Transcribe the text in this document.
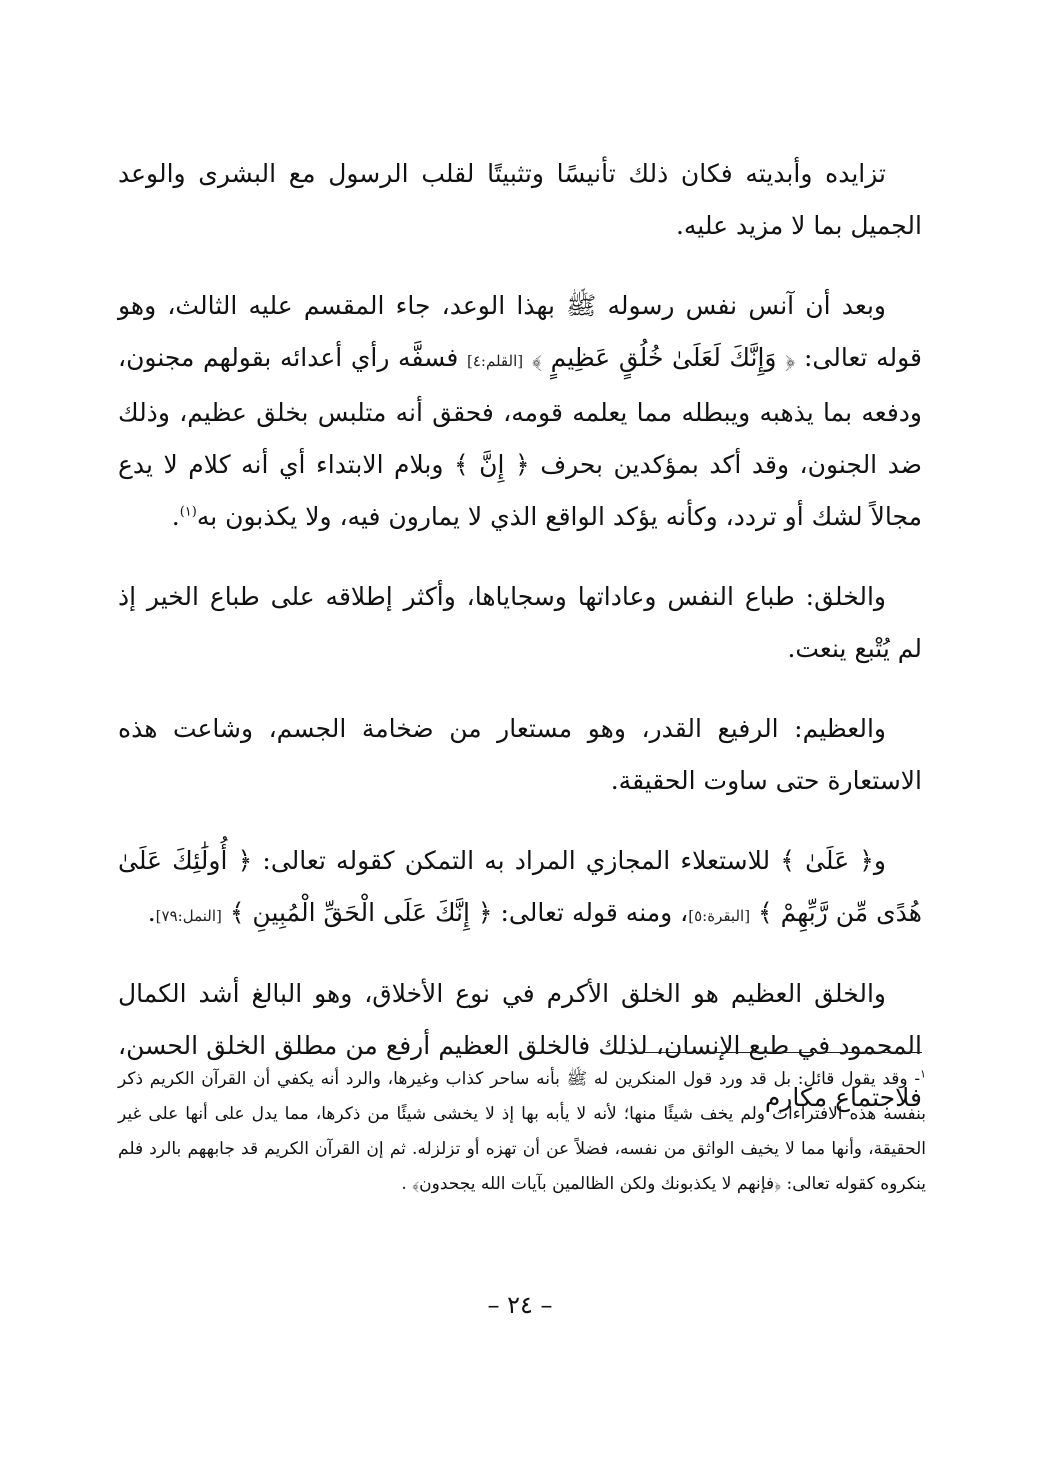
تزايده وأبديته فكان ذلك تأنيسًا وتثبيتًا لقلب الرسول مع البشرى والوعد الجميل بما لا مزيد عليه.

وبعد أن آنس نفس رسوله ﷺ بهذا الوعد، جاء المقسم عليه الثالث، وهو قوله تعالى: ﴿ وَإِنَّكَ لَعَلَىٰ خُلُقٍ عَظِيمٍ ﴾ [القلم:٤] فسفَّه رأي أعدائه بقولهم مجنون، ودفعه بما يذهبه ويبطله مما يعلمه قومه، فحقق أنه متلبس بخلق عظيم، وذلك ضد الجنون، وقد أكد بمؤكدين بحرف ﴿ إِنَّ ﴾ وبلام الابتداء أي أنه كلام لا يدع مجالاً لشك أو تردد، وكأنه يؤكد الواقع الذي لا يمارون فيه، ولا يكذبون به$^{(١)}$.

والخلق: طباع النفس وعاداتها وسجاياها، وأكثر إطلاقه على طباع الخير إذ لم يُتْبع ينعت.

والعظيم: الرفيع القدر، وهو مستعار من ضخامة الجسم، وشاعت هذه الاستعارة حتى ساوت الحقيقة.

و﴿ عَلَىٰ ﴾ للاستعلاء المجازي المراد به التمكن كقوله تعالى: ﴿ أُولَٰئِكَ عَلَىٰ هُدًى مِّن رَّبِّهِمْ ﴾ [البقرة:٥]، ومنه قوله تعالى: ﴿ إِنَّكَ عَلَى الْحَقِّ الْمُبِينِ ﴾ [النمل:٧٩].

والخلق العظيم هو الخلق الأكرم في نوع الأخلاق، وهو البالغ أشد الكمال المحمود في طبع الإنسان، لذلك فالخلق العظيم أرفع من مطلق الخلق الحسن، فلاجتماع مكارم

$^١$- وقد يقول قائل: بل قد ورد قول المنكرين له ﷺ بأنه ساحر كذاب وغيرها، والرد أنه يكفي أن القرآن الكريم ذكر بنفسه هذه الافتراءات ولم يخف شيئًا منها؛ لأنه لا يأبه بها إذ لا يخشى شيئًا من ذكرها، مما يدل على أنها على غير الحقيقة، وأنها مما لا يخيف الواثق من نفسه، فضلاً عن أن تهزه أو تزلزله. ثم إن القرآن الكريم قد جابههم بالرد فلم ينكروه كقوله تعالى: ﴿فإنهم لا يكذبونك ولكن الظالمين بآيات الله يجحدون﴾ .

– ٢٤ –
